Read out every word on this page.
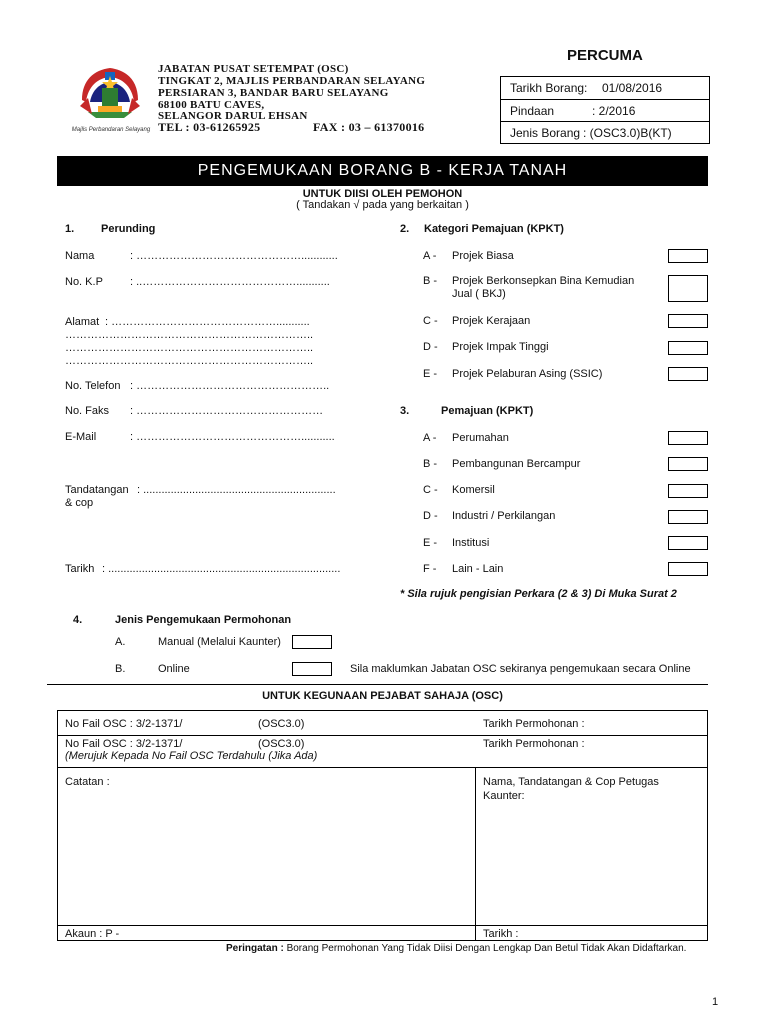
Majlis Perbandaran Selayang
JABATAN PUSAT SETEMPAT (OSC)
TINGKAT 2, MAJLIS PERBANDARAN SELAYANG
PERSIARAN 3, BANDAR BARU SELAYANG
68100 BATU CAVES,
SELANGOR DARUL EHSAN
TEL : 03-61265925	FAX : 03 – 61370016
PERCUMA
Tarikh Borang: 01/08/2016
Pindaan	: 2/2016
Jenis Borang : (OSC3.0)B(KT)
PENGEMUKAAN BORANG B - KERJA TANAH
UNTUK DIISI OLEH PEMOHON
( Tandakan √ pada yang berkaitan )
1. Perunding
Nama	: ………………………………………............
No. K.P : ..……………………………………...........
Alamat : ………………………………………...........
…………………………………………………………..
…………………………………………………………..
…………………………………………………………..
No. Telefon : ……………………………………………..
No. Faks : ……………………………………………
E-Mail	: ………………………………………...........
Tandatangan : ...............................................................
& cop
Tarikh : ............................................................................
2. Kategori Pemajuan (KPKT)
A - Projek Biasa
B - Projek Berkonsepkan Bina Kemudian
Jual ( BKJ)
C - Projek Kerajaan
D - Projek Impak Tinggi
E - Projek Pelaburan Asing (SSIC)
3.	Pemajuan (KPKT)
A - Perumahan
B - Pembangunan Bercampur
C - Komersil
D - Industri / Perkilangan
E - Institusi
F - Lain - Lain
* Sila rujuk pengisian Perkara (2 & 3) Di Muka Surat 2
4.	Jenis Pengemukaan Permohonan
A.	Manual (Melalui Kaunter)
B.	Online	Sila maklumkan Jabatan OSC sekiranya pengemukaan secara Online
UNTUK KEGUNAAN PEJABAT SAHAJA (OSC)
No Fail OSC : 3/2-1371/	(OSC3.0)	Tarikh Permohonan :
No Fail OSC : 3/2-1371/	(OSC3.0)	Tarikh Permohonan :
(Merujuk Kepada No Fail OSC Terdahulu (Jika Ada)
Catatan :	Nama, Tandatangan & Cop Petugas
Kaunter:
Akaun : P -	Tarikh :
Peringatan : Borang Permohonan Yang Tidak Diisi Dengan Lengkap Dan Betul Tidak Akan Didaftarkan.
1
